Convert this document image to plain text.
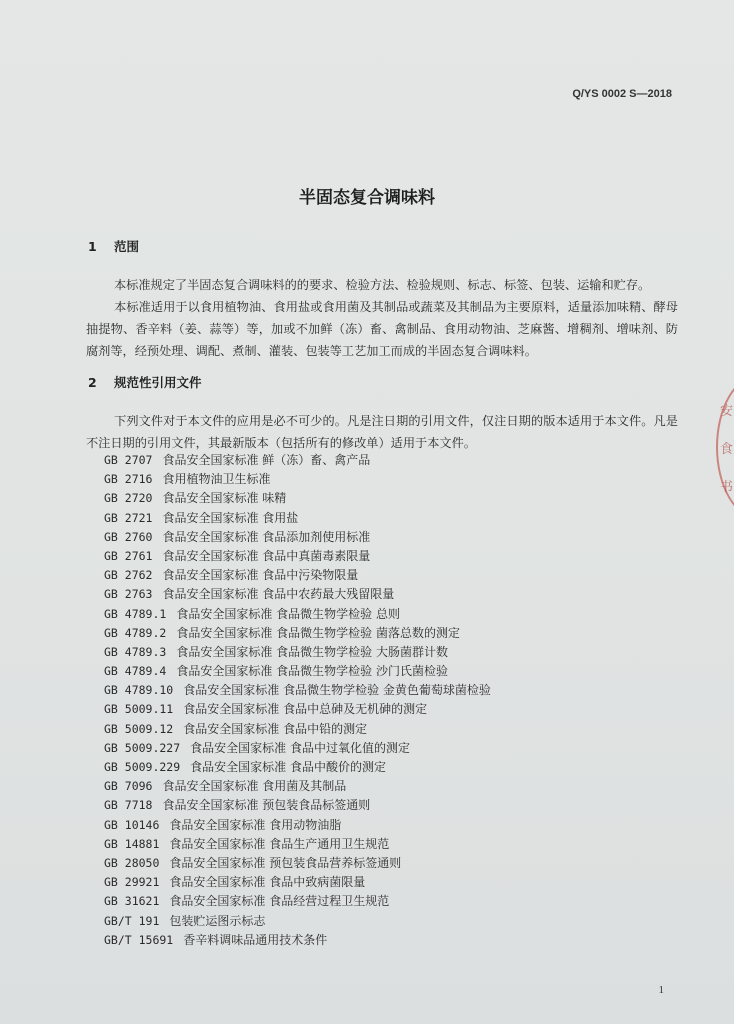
Q/YS 0002 S—2018
半固态复合调味料
1 范围
本标准规定了半固态复合调味料的的要求、检验方法、检验规则、标志、标签、包装、运输和贮存。
本标准适用于以食用植物油、食用盐或食用菌及其制品或蔬菜及其制品为主要原料，适量添加味精、酵母抽提物、香辛料（姜、蒜等）等，加或不加鲜（冻）畜、禽制品、食用动物油、芝麻酱、增稠剂、增味剂、防腐剂等，经预处理、调配、煮制、灌装、包装等工艺加工而成的半固态复合调味料。
2 规范性引用文件
下列文件对于本文件的应用是必不可少的。凡是注日期的引用文件，仅注日期的版本适用于本文件。凡是不注日期的引用文件，其最新版本（包括所有的修改单）适用于本文件。
GB 2707 食品安全国家标准 鲜（冻）畜、禽产品
GB 2716 食用植物油卫生标准
GB 2720 食品安全国家标准 味精
GB 2721 食品安全国家标准 食用盐
GB 2760 食品安全国家标准 食品添加剂使用标准
GB 2761 食品安全国家标准 食品中真菌毒素限量
GB 2762 食品安全国家标准 食品中污染物限量
GB 2763 食品安全国家标准 食品中农药最大残留限量
GB 4789.1 食品安全国家标准 食品微生物学检验 总则
GB 4789.2 食品安全国家标准 食品微生物学检验 菌落总数的测定
GB 4789.3 食品安全国家标准 食品微生物学检验 大肠菌群计数
GB 4789.4 食品安全国家标准 食品微生物学检验 沙门氏菌检验
GB 4789.10 食品安全国家标准 食品微生物学检验 金黄色葡萄球菌检验
GB 5009.11 食品安全国家标准 食品中总砷及无机砷的测定
GB 5009.12 食品安全国家标准 食品中铅的测定
GB 5009.227 食品安全国家标准 食品中过氧化值的测定
GB 5009.229 食品安全国家标准 食品中酸价的测定
GB 7096 食品安全国家标准 食用菌及其制品
GB 7718 食品安全国家标准 预包装食品标签通则
GB 10146 食品安全国家标准 食用动物油脂
GB 14881 食品安全国家标准 食品生产通用卫生规范
GB 28050 食品安全国家标准 预包装食品营养标签通则
GB 29921 食品安全国家标准 食品中致病菌限量
GB 31621 食品安全国家标准 食品经营过程卫生规范
GB/T 191 包装贮运图示标志
GB/T 15691 香辛料调味品通用技术条件
1
安
食
书
